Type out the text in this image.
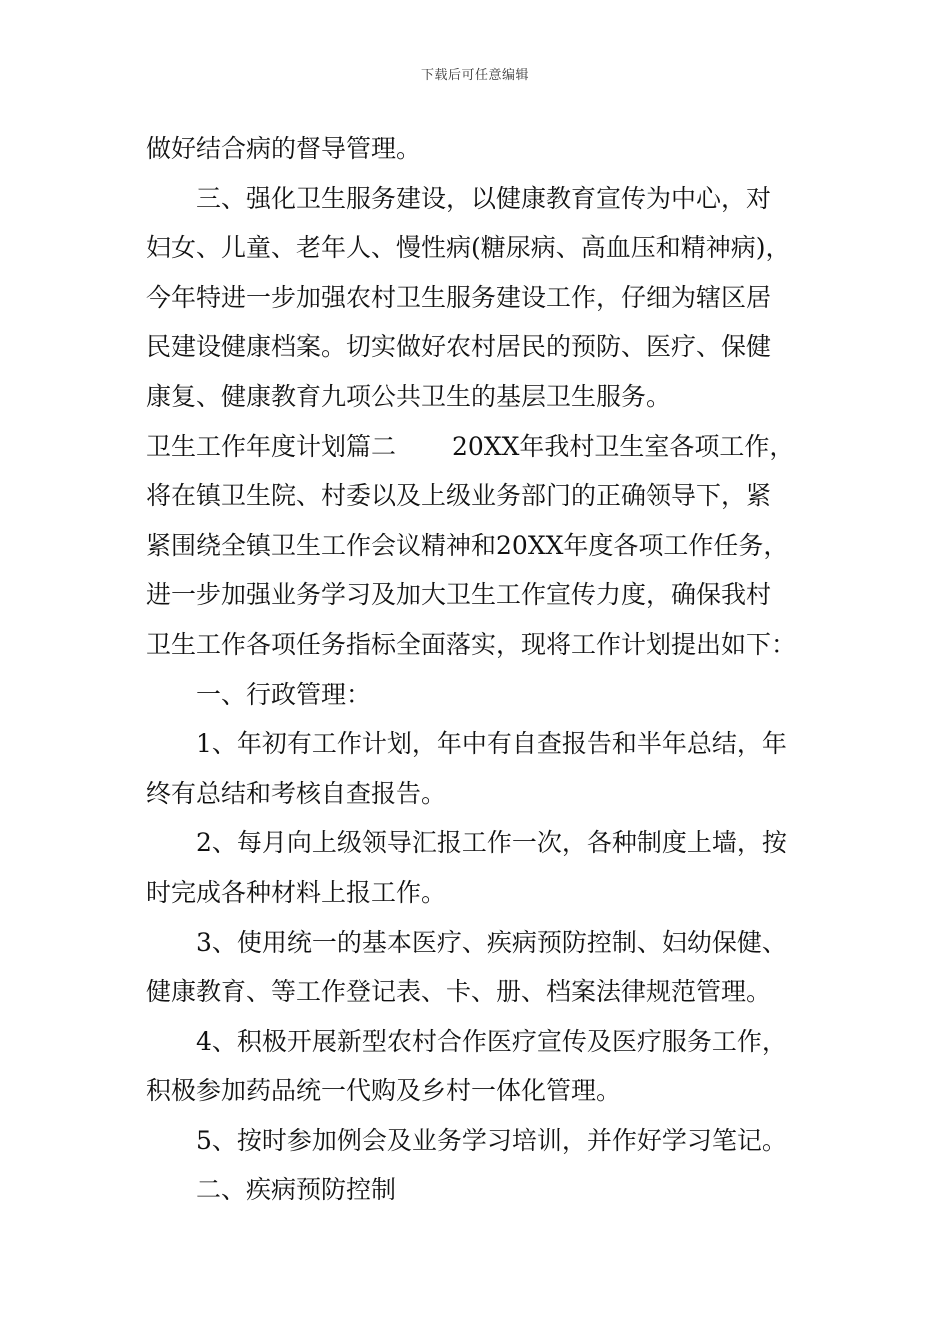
下载后可任意编辑
做好结合病的督导管理。
三、强化卫生服务建设，以健康教育宣传为中心，对
妇女、儿童、老年人、慢性病(糖尿病、高血压和精神病)，
今年特进一步加强农村卫生服务建设工作，仔细为辖区居
民建设健康档案。切实做好农村居民的预防、医疗、保健
康复、健康教育九项公共卫生的基层卫生服务。
卫生工作年度计划篇二 20XX年我村卫生室各项工作，
将在镇卫生院、村委以及上级业务部门的正确领导下，紧
紧围绕全镇卫生工作会议精神和20XX年度各项工作任务，
进一步加强业务学习及加大卫生工作宣传力度，确保我村
卫生工作各项任务指标全面落实，现将工作计划提出如下：
一、行政管理：
1、年初有工作计划，年中有自查报告和半年总结，年
终有总结和考核自查报告。
2、每月向上级领导汇报工作一次，各种制度上墙，按
时完成各种材料上报工作。
3、使用统一的基本医疗、疾病预防控制、妇幼保健、
健康教育、等工作登记表、卡、册、档案法律规范管理。
4、积极开展新型农村合作医疗宣传及医疗服务工作，
积极参加药品统一代购及乡村一体化管理。
5、按时参加例会及业务学习培训，并作好学习笔记。
二、疾病预防控制
